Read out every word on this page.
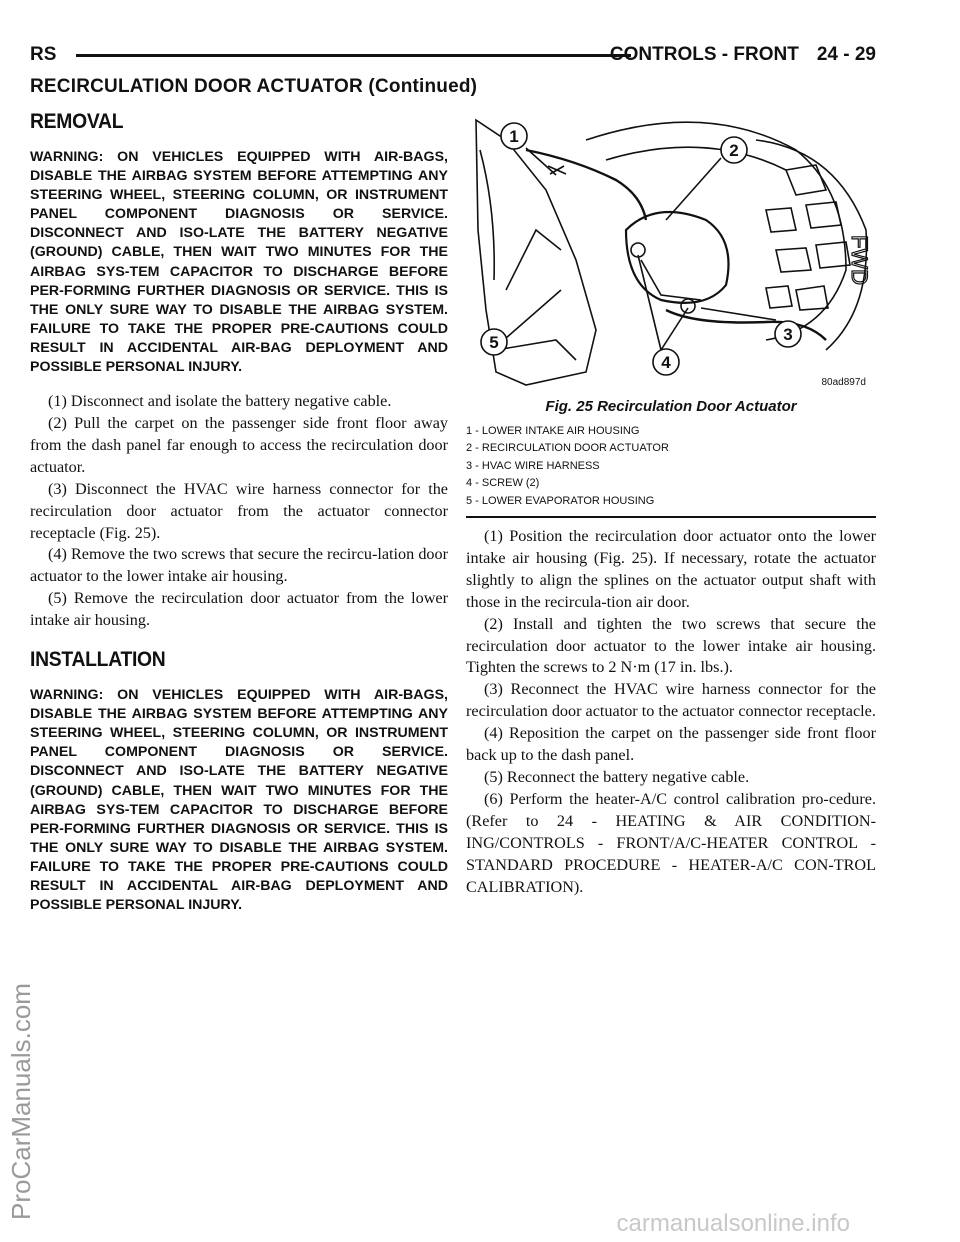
RS	CONTROLS - FRONT 24 - 29
RECIRCULATION DOOR ACTUATOR (Continued)
REMOVAL

WARNING: ON VEHICLES EQUIPPED WITH AIR-BAGS, DISABLE THE AIRBAG SYSTEM BEFORE ATTEMPTING ANY STEERING WHEEL, STEERING COLUMN, OR INSTRUMENT PANEL COMPONENT DIAGNOSIS OR SERVICE. DISCONNECT AND ISO-LATE THE BATTERY NEGATIVE (GROUND) CABLE, THEN WAIT TWO MINUTES FOR THE AIRBAG SYS-TEM CAPACITOR TO DISCHARGE BEFORE PER-FORMING FURTHER DIAGNOSIS OR SERVICE. THIS IS THE ONLY SURE WAY TO DISABLE THE AIRBAG SYSTEM. FAILURE TO TAKE THE PROPER PRE-CAUTIONS COULD RESULT IN ACCIDENTAL AIR-BAG DEPLOYMENT AND POSSIBLE PERSONAL INJURY.

(1) Disconnect and isolate the battery negative cable.

(2) Pull the carpet on the passenger side front floor away from the dash panel far enough to access the recirculation door actuator.

(3) Disconnect the HVAC wire harness connector for the recirculation door actuator from the actuator connector receptacle (Fig. 25).

(4) Remove the two screws that secure the recircu-lation door actuator to the lower intake air housing.

(5) Remove the recirculation door actuator from the lower intake air housing.

INSTALLATION

WARNING: ON VEHICLES EQUIPPED WITH AIR-BAGS, DISABLE THE AIRBAG SYSTEM BEFORE ATTEMPTING ANY STEERING WHEEL, STEERING COLUMN, OR INSTRUMENT PANEL COMPONENT DIAGNOSIS OR SERVICE. DISCONNECT AND ISO-LATE THE BATTERY NEGATIVE (GROUND) CABLE, THEN WAIT TWO MINUTES FOR THE AIRBAG SYS-TEM CAPACITOR TO DISCHARGE BEFORE PER-FORMING FURTHER DIAGNOSIS OR SERVICE. THIS IS THE ONLY SURE WAY TO DISABLE THE AIRBAG SYSTEM. FAILURE TO TAKE THE PROPER PRE-CAUTIONS COULD RESULT IN ACCIDENTAL AIR-BAG DEPLOYMENT AND POSSIBLE PERSONAL INJURY.

1
2
3
4
5
FWD
80ad897d
Fig. 25 Recirculation Door Actuator
1 - LOWER INTAKE AIR HOUSING
2 - RECIRCULATION DOOR ACTUATOR
3 - HVAC WIRE HARNESS
4 - SCREW (2)
5 - LOWER EVAPORATOR HOUSING

(1) Position the recirculation door actuator onto the lower intake air housing (Fig. 25). If necessary, rotate the actuator slightly to align the splines on the actuator output shaft with those in the recircula-tion air door.

(2) Install and tighten the two screws that secure the recirculation door actuator to the lower intake air housing. Tighten the screws to 2 N·m (17 in. lbs.).

(3) Reconnect the HVAC wire harness connector for the recirculation door actuator to the actuator connector receptacle.

(4) Reposition the carpet on the passenger side front floor back up to the dash panel.

(5) Reconnect the battery negative cable.

(6) Perform the heater-A/C control calibration pro-cedure. (Refer to 24 - HEATING & AIR CONDITION-ING/CONTROLS - FRONT/A/C-HEATER CONTROL - STANDARD PROCEDURE - HEATER-A/C CON-TROL CALIBRATION).

ProCarManuals.com
carmanualsonline.info
